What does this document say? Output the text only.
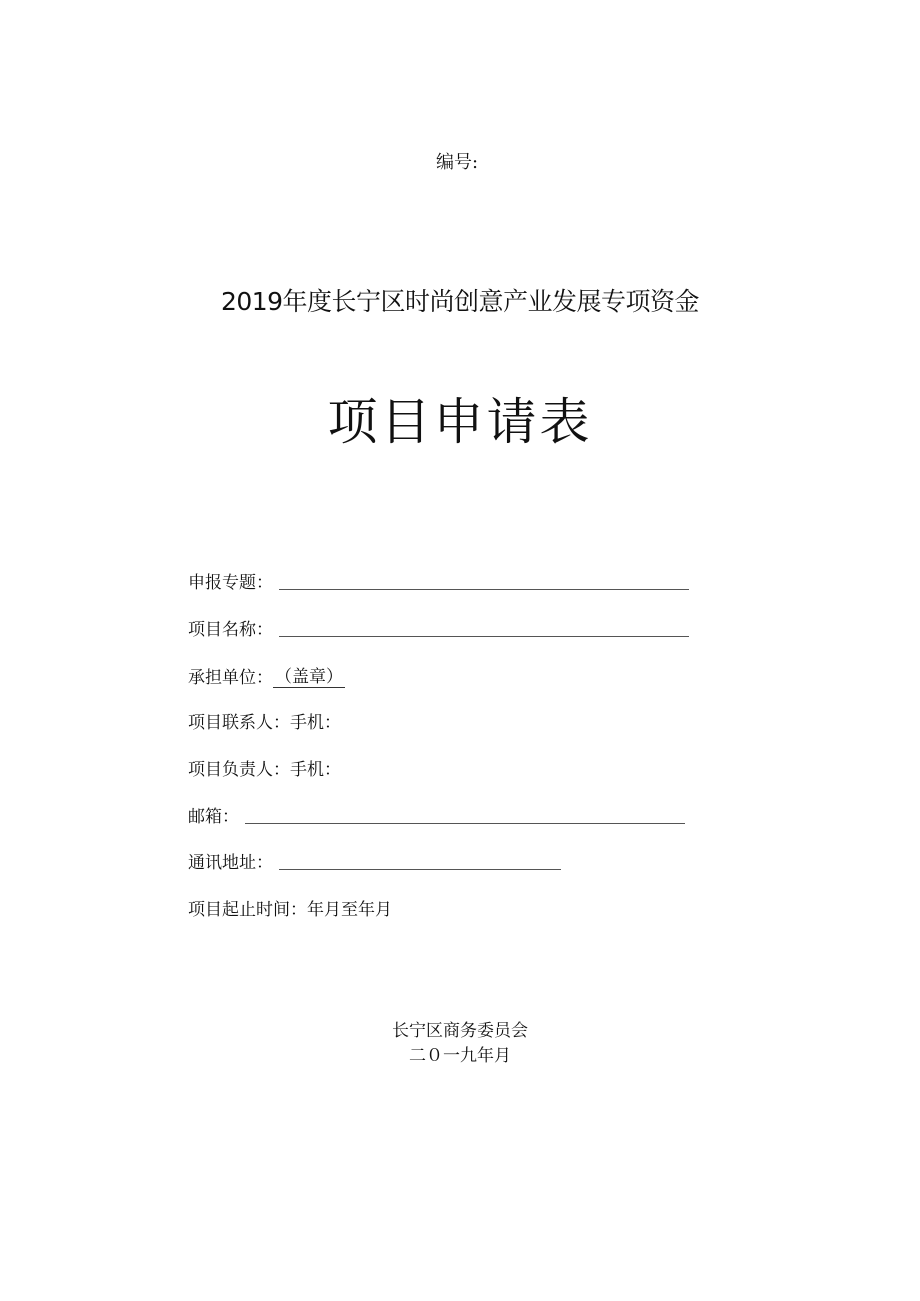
编号:
2019年度长宁区时尚创意产业发展专项资金
项目申请表
申报专题：
项目名称：
承担单位： （盖章）
项目联系人：手机：
项目负责人：手机：
邮箱：
通讯地址：
项目起止时间：年月至年月
长宁区商务委员会
二０一九年月
